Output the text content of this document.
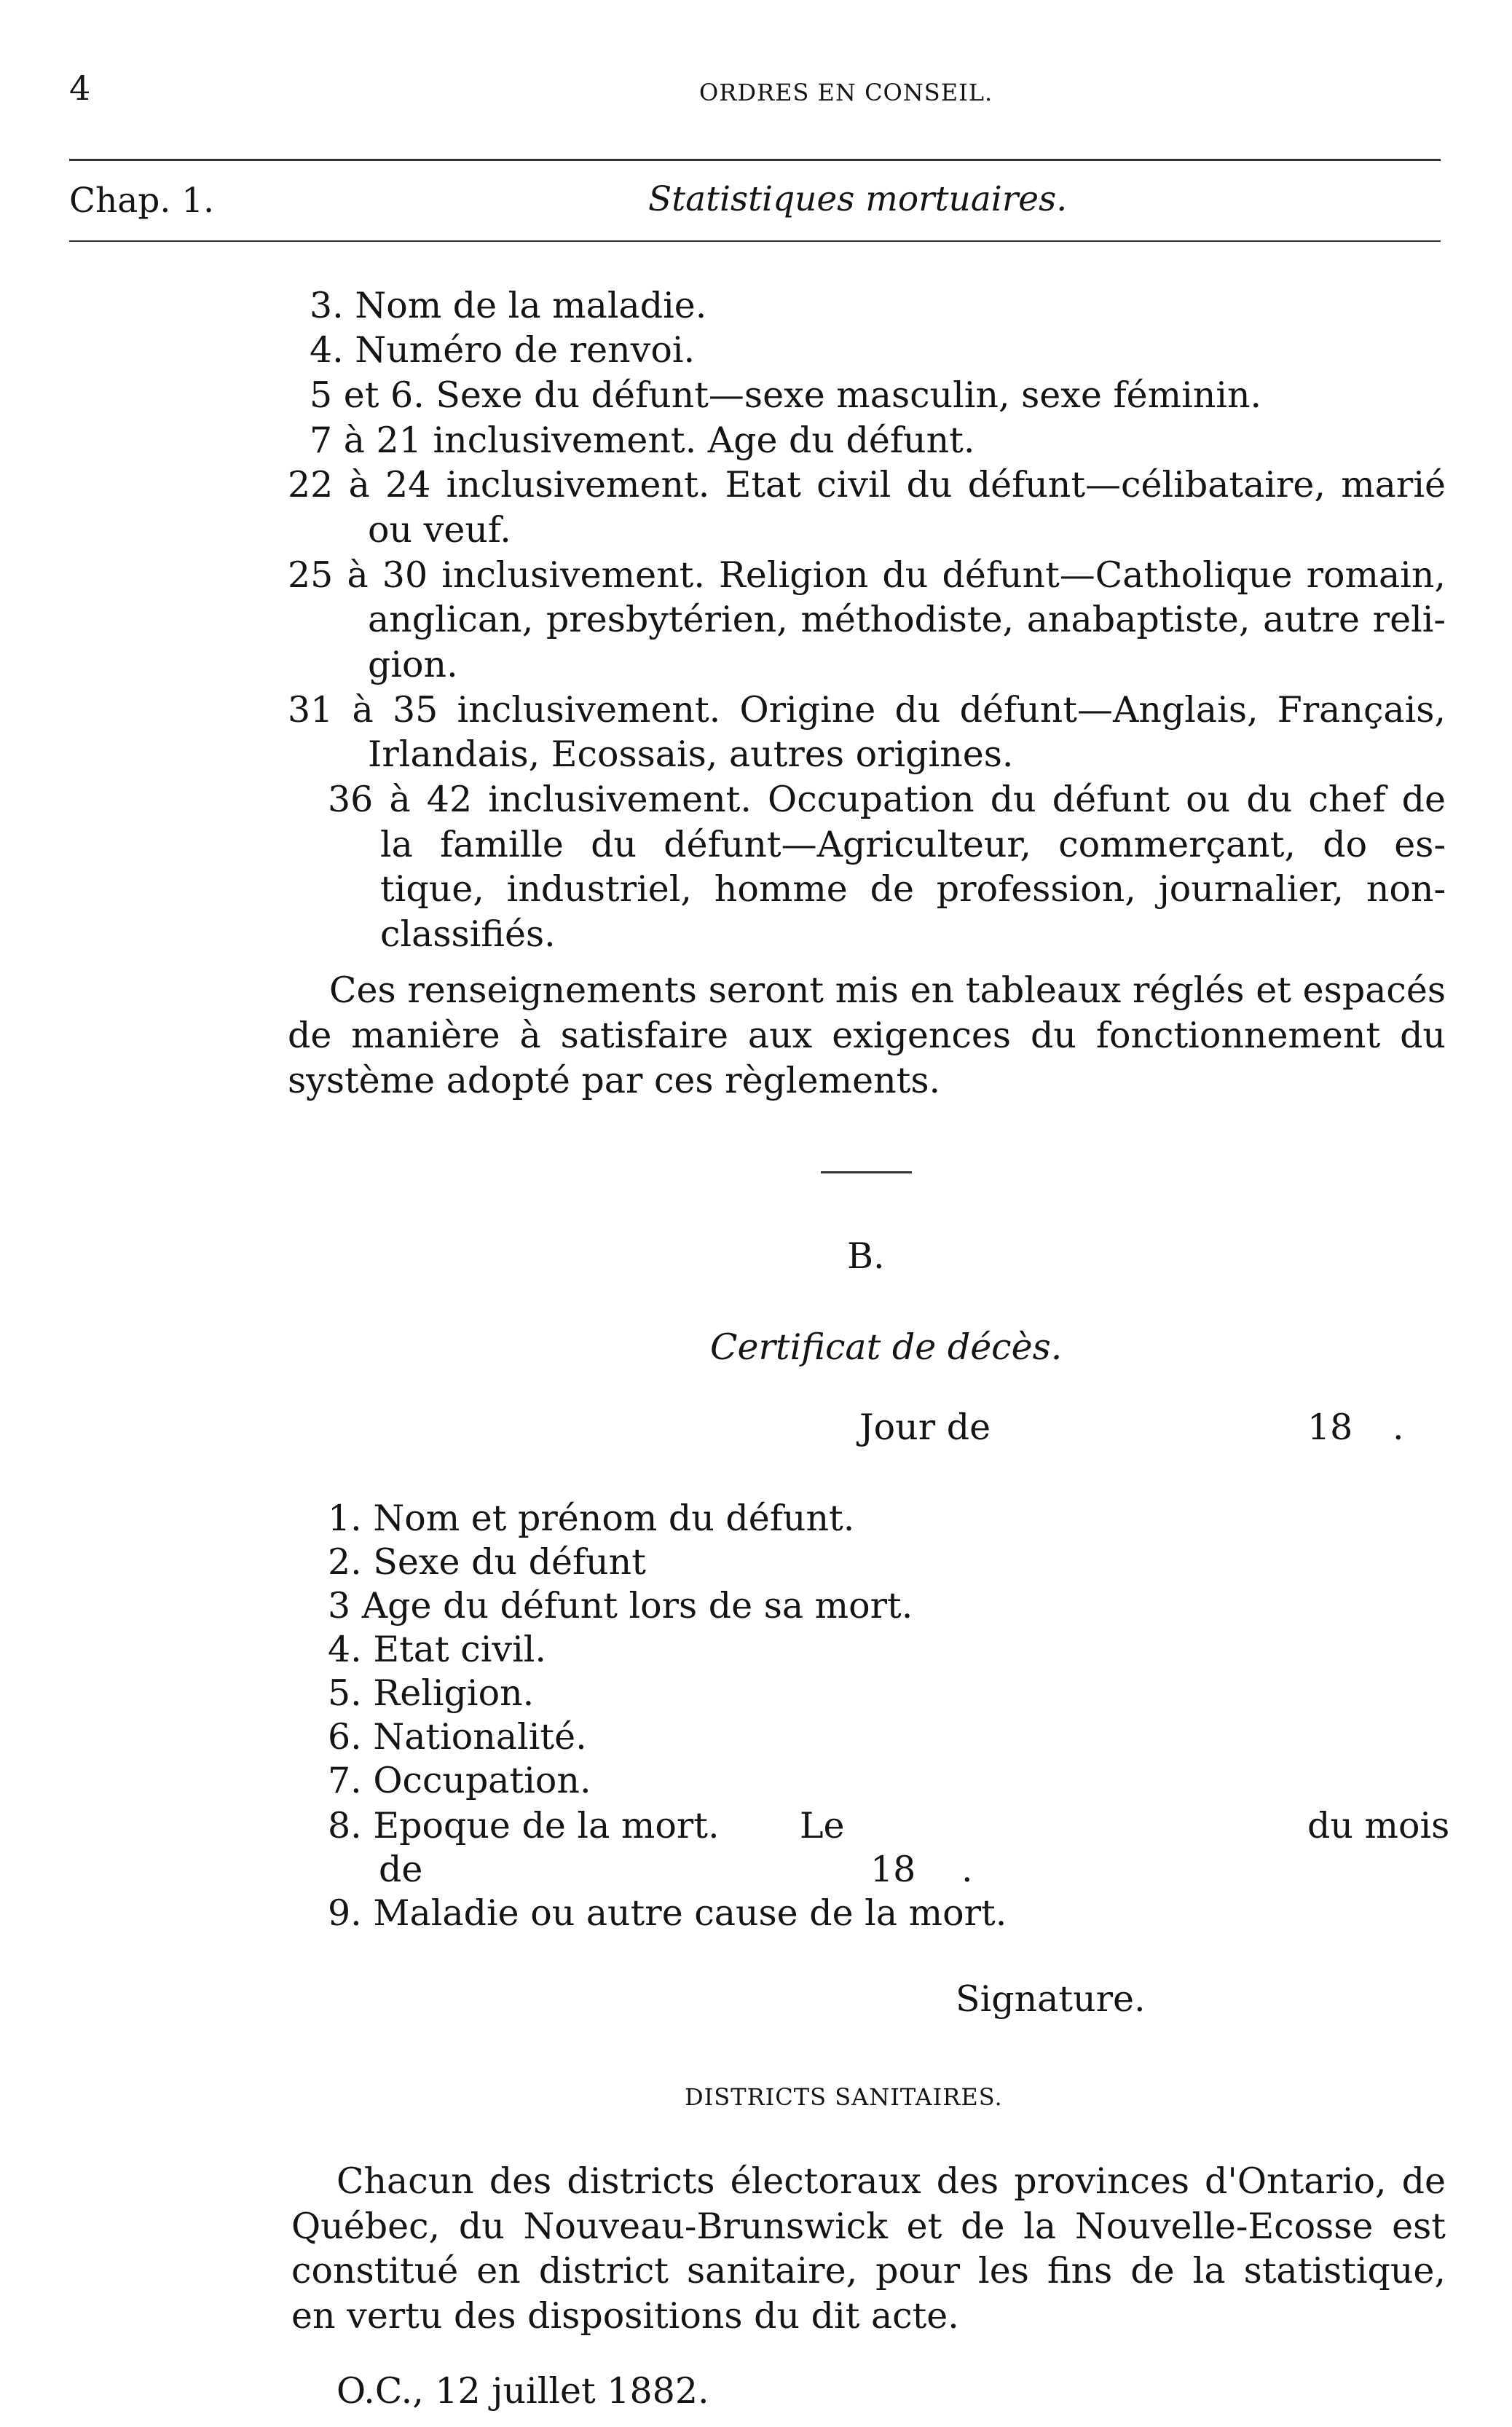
4	ORDRES EN CONSEIL.
Chap. 1.	Statistiques mortuaires.
3. Nom de la maladie.
4. Numéro de renvoi.
5 et 6. Sexe du défunt—sexe masculin, sexe féminin.
7 à 21 inclusivement. Age du défunt.
22 à 24 inclusivement. Etat civil du défunt—célibataire, marié
ou veuf.
25 à 30 inclusivement. Religion du défunt—Catholique romain,
anglican, presbytérien, méthodiste, anabaptiste, autre reli-
gion.
31 à 35 inclusivement. Origine du défunt—Anglais, Français,
Irlandais, Ecossais, autres origines.
36 à 42 inclusivement. Occupation du défunt ou du chef de
la famille du défunt—Agriculteur, commerçant, do es-
tique, industriel, homme de profession, journalier, non-
classifiés.
Ces renseignements seront mis en tableaux réglés et espacés
de manière à satisfaire aux exigences du fonctionnement du
système adopté par ces règlements.
B.
Certificat de décès.
Jour de	18 .
1. Nom et prénom du défunt.
2. Sexe du défunt
3 Age du défunt lors de sa mort.
4. Etat civil.
5. Religion.
6. Nationalité.
7. Occupation.
8. Epoque de la mort. Le	du mois
de	18 .
9. Maladie ou autre cause de la mort.
Signature.
DISTRICTS SANITAIRES.
Chacun des districts électoraux des provinces d'Ontario, de
Québec, du Nouveau-Brunswick et de la Nouvelle-Ecosse est
constitué en district sanitaire, pour les fins de la statistique,
en vertu des dispositions du dit acte.
O.C., 12 juillet 1882.
